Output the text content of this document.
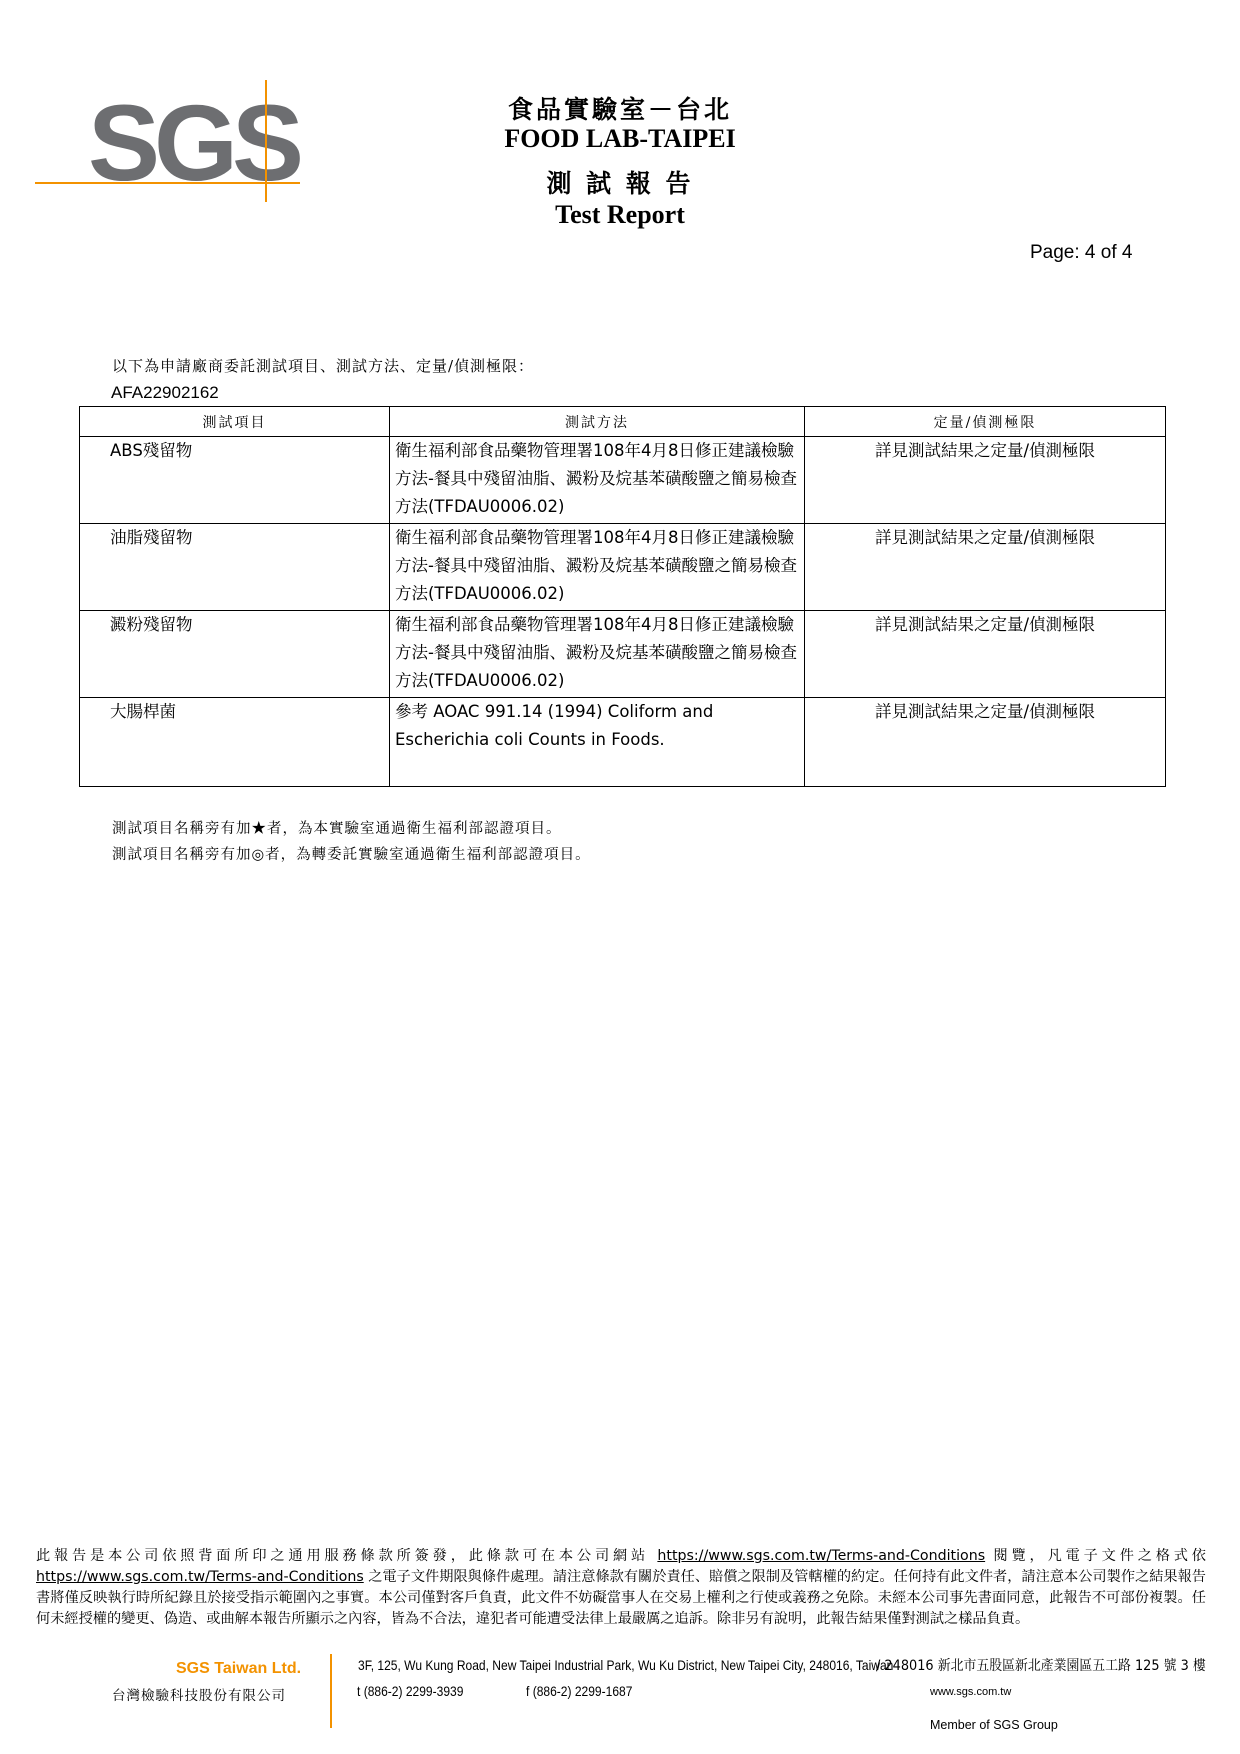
SGS	食品實驗室－台北
FOOD LAB-TAIPEI
測 試 報 告
Test Report
Page: 4 of 4
以下為申請廠商委託測試項目、測試方法、定量/偵測極限：
AFA22902162
測試項目	測試方法	定量/偵測極限
ABS殘留物	衛生福利部食品藥物管理署108年4月8日修正建議檢驗方法-餐具中殘留油脂、澱粉及烷基苯磺酸鹽之簡易檢查方法(TFDAU0006.02)	詳見測試結果之定量/偵測極限
油脂殘留物	衛生福利部食品藥物管理署108年4月8日修正建議檢驗方法-餐具中殘留油脂、澱粉及烷基苯磺酸鹽之簡易檢查方法(TFDAU0006.02)	詳見測試結果之定量/偵測極限
澱粉殘留物	衛生福利部食品藥物管理署108年4月8日修正建議檢驗方法-餐具中殘留油脂、澱粉及烷基苯磺酸鹽之簡易檢查方法(TFDAU0006.02)	詳見測試結果之定量/偵測極限
大腸桿菌	參考 AOAC 991.14 (1994) Coliform and Escherichia coli Counts in Foods.	詳見測試結果之定量/偵測極限
測試項目名稱旁有加★者，為本實驗室通過衛生福利部認證項目。
測試項目名稱旁有加◎者，為轉委託實驗室通過衛生福利部認證項目。
此報告是本公司依照背面所印之通用服務條款所簽發，此條款可在本公司網站 https://www.sgs.com.tw/Terms-and-Conditions 閱覽，凡電子文件之格式依https://www.sgs.com.tw/Terms-and-Conditions 之電子文件期限與條件處理。請注意條款有關於責任、賠償之限制及管轄權的約定。任何持有此文件者，請注意本公司製作之結果報告書將僅反映執行時所紀錄且於接受指示範圍內之事實。本公司僅對客戶負責，此文件不妨礙當事人在交易上權利之行使或義務之免除。未經本公司事先書面同意，此報告不可部份複製。任何未經授權的變更、偽造、或曲解本報告所顯示之內容，皆為不合法，違犯者可能遭受法律上最嚴厲之追訴。除非另有說明，此報告結果僅對測試之樣品負責。
SGS Taiwan Ltd.
台灣檢驗科技股份有限公司
3F, 125, Wu Kung Road, New Taipei Industrial Park, Wu Ku District, New Taipei City, 248016, Taiwan
/ 248016 新北市五股區新北產業園區五工路 125 號 3 樓
t (886-2) 2299-3939	f (886-2) 2299-1687	www.sgs.com.tw
Member of SGS Group
